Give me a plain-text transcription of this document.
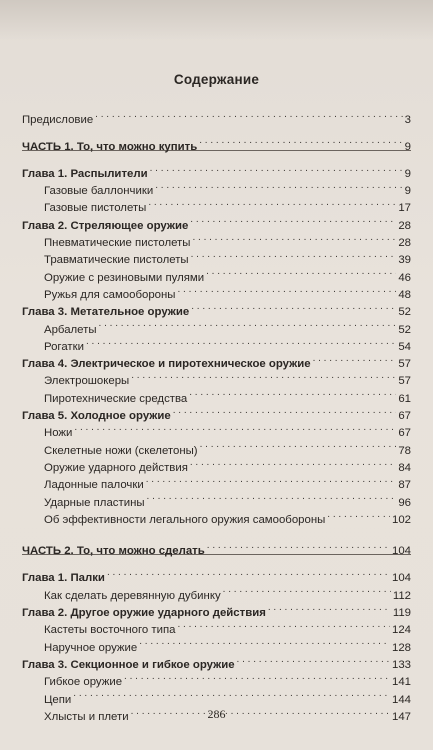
Содержание
Предисловие . . .	3
ЧАСТЬ 1. То, что можно купить . . .	9
Глава 1. Распылители . . .	9
Газовые баллончики . . .	9
Газовые пистолеты . . .	17
Глава 2. Стреляющее оружие . . .	28
Пневматические пистолеты . . .	28
Травматические пистолеты . . .	39
Оружие с резиновыми пулями . . .	46
Ружья для самообороны . . .	48
Глава 3. Метательное оружие . . .	52
Арбалеты . . .	52
Рогатки . . .	54
Глава 4. Электрическое и пиротехническое оружие . . .	57
Электрошокеры . . .	57
Пиротехнические средства . . .	61
Глава 5. Холодное оружие . . .	67
Ножи . . .	67
Скелетные ножи (скелетоны) . . .	78
Оружие ударного действия . . .	84
Ладонные палочки . . .	87
Ударные пластины . . .	96
Об эффективности легального оружия самообороны . . .	102
ЧАСТЬ 2. То, что можно сделать . . .	104
Глава 1. Палки . . .	104
Как сделать деревянную дубинку . . .	112
Глава 2. Другое оружие ударного действия . . .	119
Кастеты восточного типа . . .	124
Наручное оружие . . .	128
Глава 3. Секционное и гибкое оружие . . .	133
Гибкое оружие . . .	141
Цепи . . .	144
Хлысты и плети . . .	147
286
